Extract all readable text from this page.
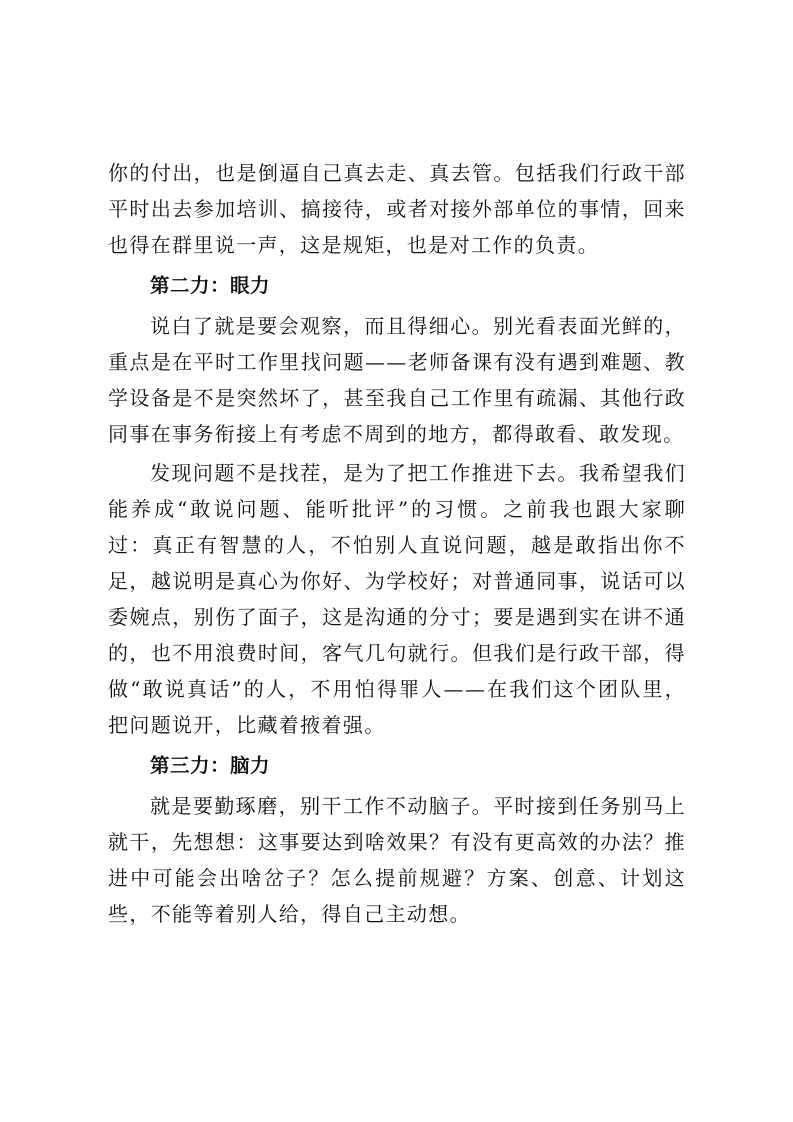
你的付出，也是倒逼自己真去走、真去管。包括我们行政干部平时出去参加培训、搞接待，或者对接外部单位的事情，回来也得在群里说一声，这是规矩，也是对工作的负责。

第二力：眼力

说白了就是要会观察，而且得细心。别光看表面光鲜的，重点是在平时工作里找问题——老师备课有没有遇到难题、教学设备是不是突然坏了，甚至我自己工作里有疏漏、其他行政同事在事务衔接上有考虑不周到的地方，都得敢看、敢发现。

发现问题不是找茬，是为了把工作推进下去。我希望我们能养成“敢说问题、能听批评”的习惯。之前我也跟大家聊过：真正有智慧的人，不怕别人直说问题，越是敢指出你不足，越说明是真心为你好、为学校好；对普通同事，说话可以委婉点，别伤了面子，这是沟通的分寸；要是遇到实在讲不通的，也不用浪费时间，客气几句就行。但我们是行政干部，得做“敢说真话”的人，不用怕得罪人——在我们这个团队里，把问题说开，比藏着掖着强。

第三力：脑力

就是要勤琢磨，别干工作不动脑子。平时接到任务别马上就干，先想想：这事要达到啥效果？有没有更高效的办法？推进中可能会出啥岔子？怎么提前规避？方案、创意、计划这些，不能等着别人给，得自己主动想。
